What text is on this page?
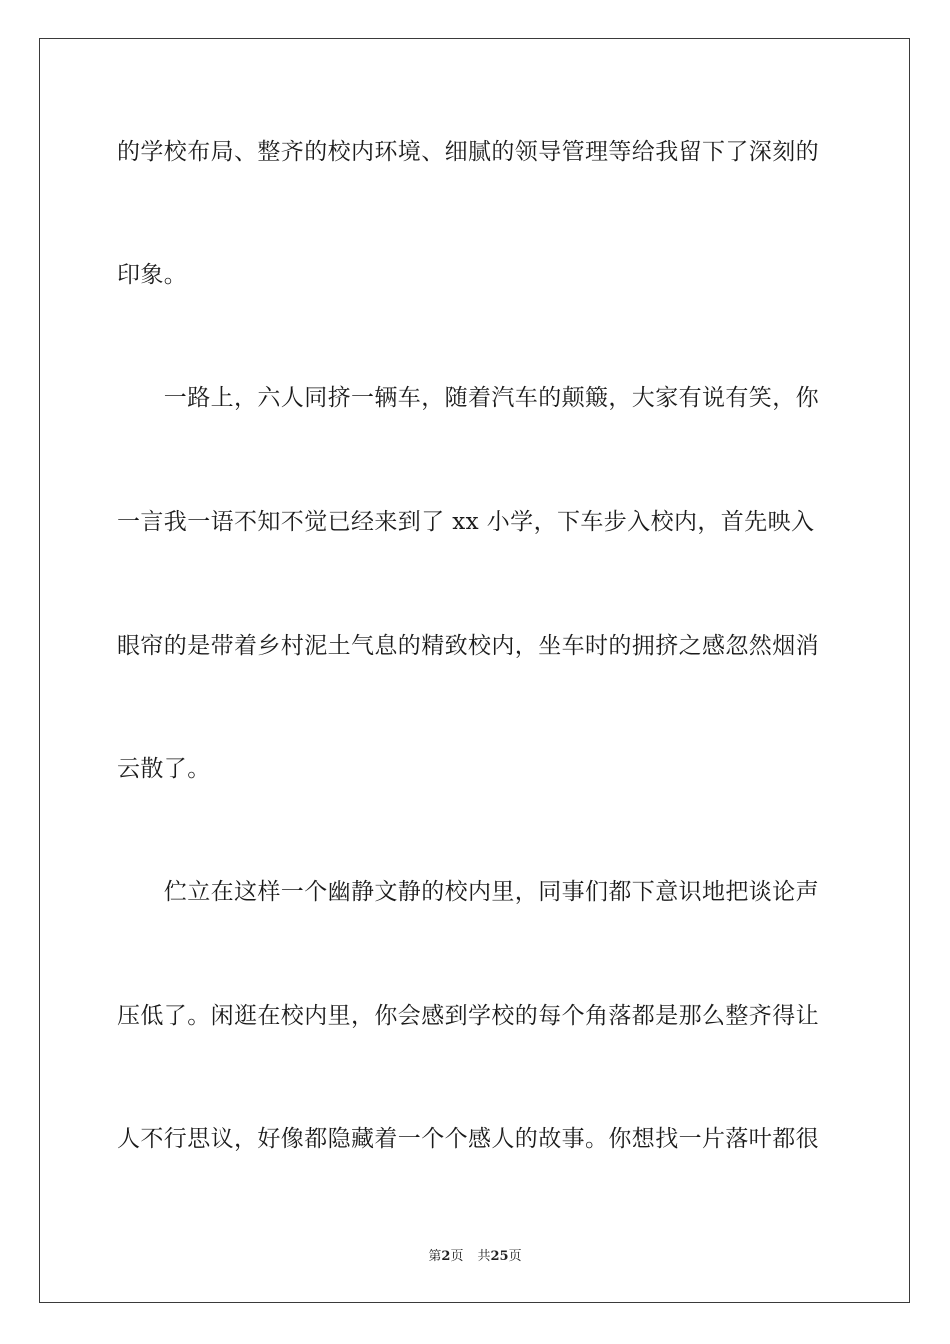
的学校布局、整齐的校内环境、细腻的领导管理等给我留下了深刻的
印象。
　　一路上，六人同挤一辆车，随着汽车的颠簸，大家有说有笑，你
一言我一语不知不觉已经来到了 xx 小学，下车步入校内，首先映入
眼帘的是带着乡村泥土气息的精致校内，坐车时的拥挤之感忽然烟消
云散了。
　　伫立在这样一个幽静文静的校内里，同事们都下意识地把谈论声
压低了。闲逛在校内里，你会感到学校的每个角落都是那么整齐得让
人不行思议，好像都隐藏着一个个感人的故事。你想找一片落叶都很
第2页 共25页
